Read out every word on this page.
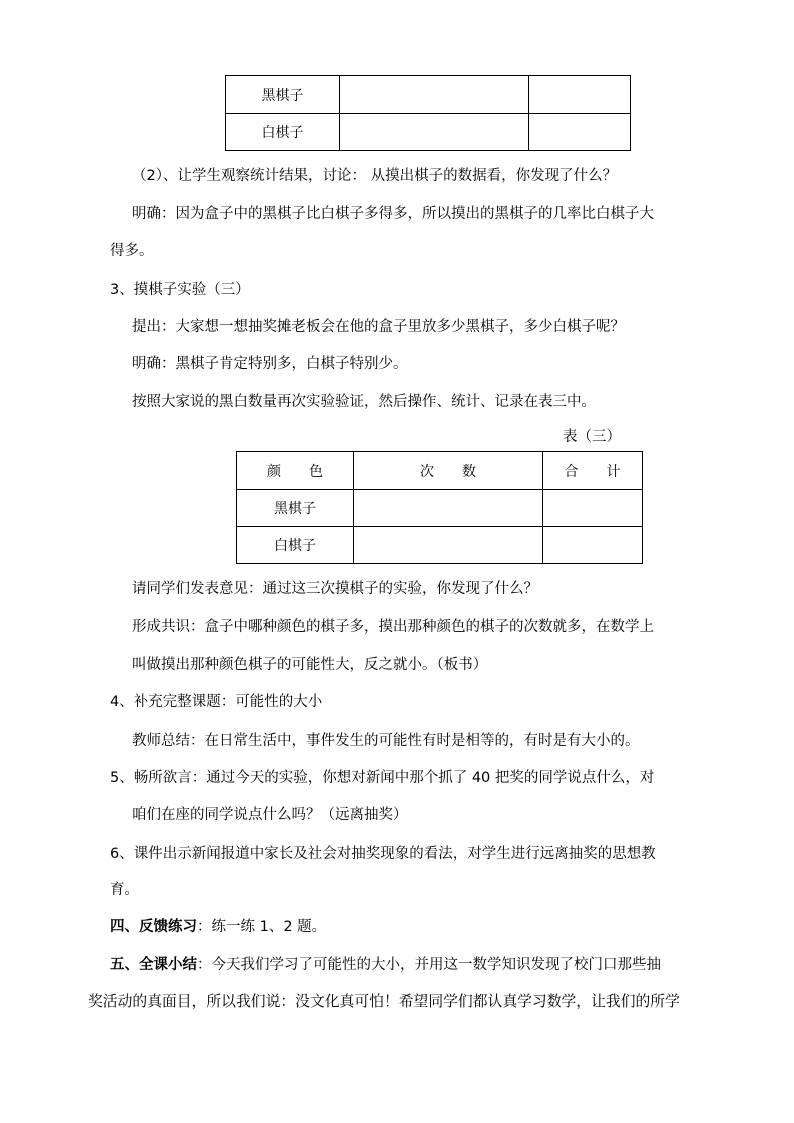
黑棋子		
白棋子		
（2）、让学生观察统计结果，讨论： 从摸出棋子的数据看，你发现了什么？
明确：因为盒子中的黑棋子比白棋子多得多，所以摸出的黑棋子的几率比白棋子大
得多。
3、摸棋子实验（三）
提出：大家想一想抽奖摊老板会在他的盒子里放多少黑棋子，多少白棋子呢？
明确：黑棋子肯定特别多，白棋子特别少。
按照大家说的黑白数量再次实验验证，然后操作、统计、记录在表三中。
表（三）
颜　　色	次　　数	合　　计
黑棋子		
白棋子		
请同学们发表意见：通过这三次摸棋子的实验，你发现了什么？
形成共识：盒子中哪种颜色的棋子多，摸出那种颜色的棋子的次数就多，在数学上
叫做摸出那种颜色棋子的可能性大，反之就小。（板书）
4、补充完整课题：可能性的大小
教师总结：在日常生活中，事件发生的可能性有时是相等的，有时是有大小的。
5、畅所欲言：通过今天的实验，你想对新闻中那个抓了 40 把奖的同学说点什么，对
咱们在座的同学说点什么吗？（远离抽奖）
6、课件出示新闻报道中家长及社会对抽奖现象的看法，对学生进行远离抽奖的思想教
育。
四、反馈练习：练一练 1、2 题。
五、全课小结：今天我们学习了可能性的大小，并用这一数学知识发现了校门口那些抽
奖活动的真面目，所以我们说：没文化真可怕！希望同学们都认真学习数学，让我们的所学
